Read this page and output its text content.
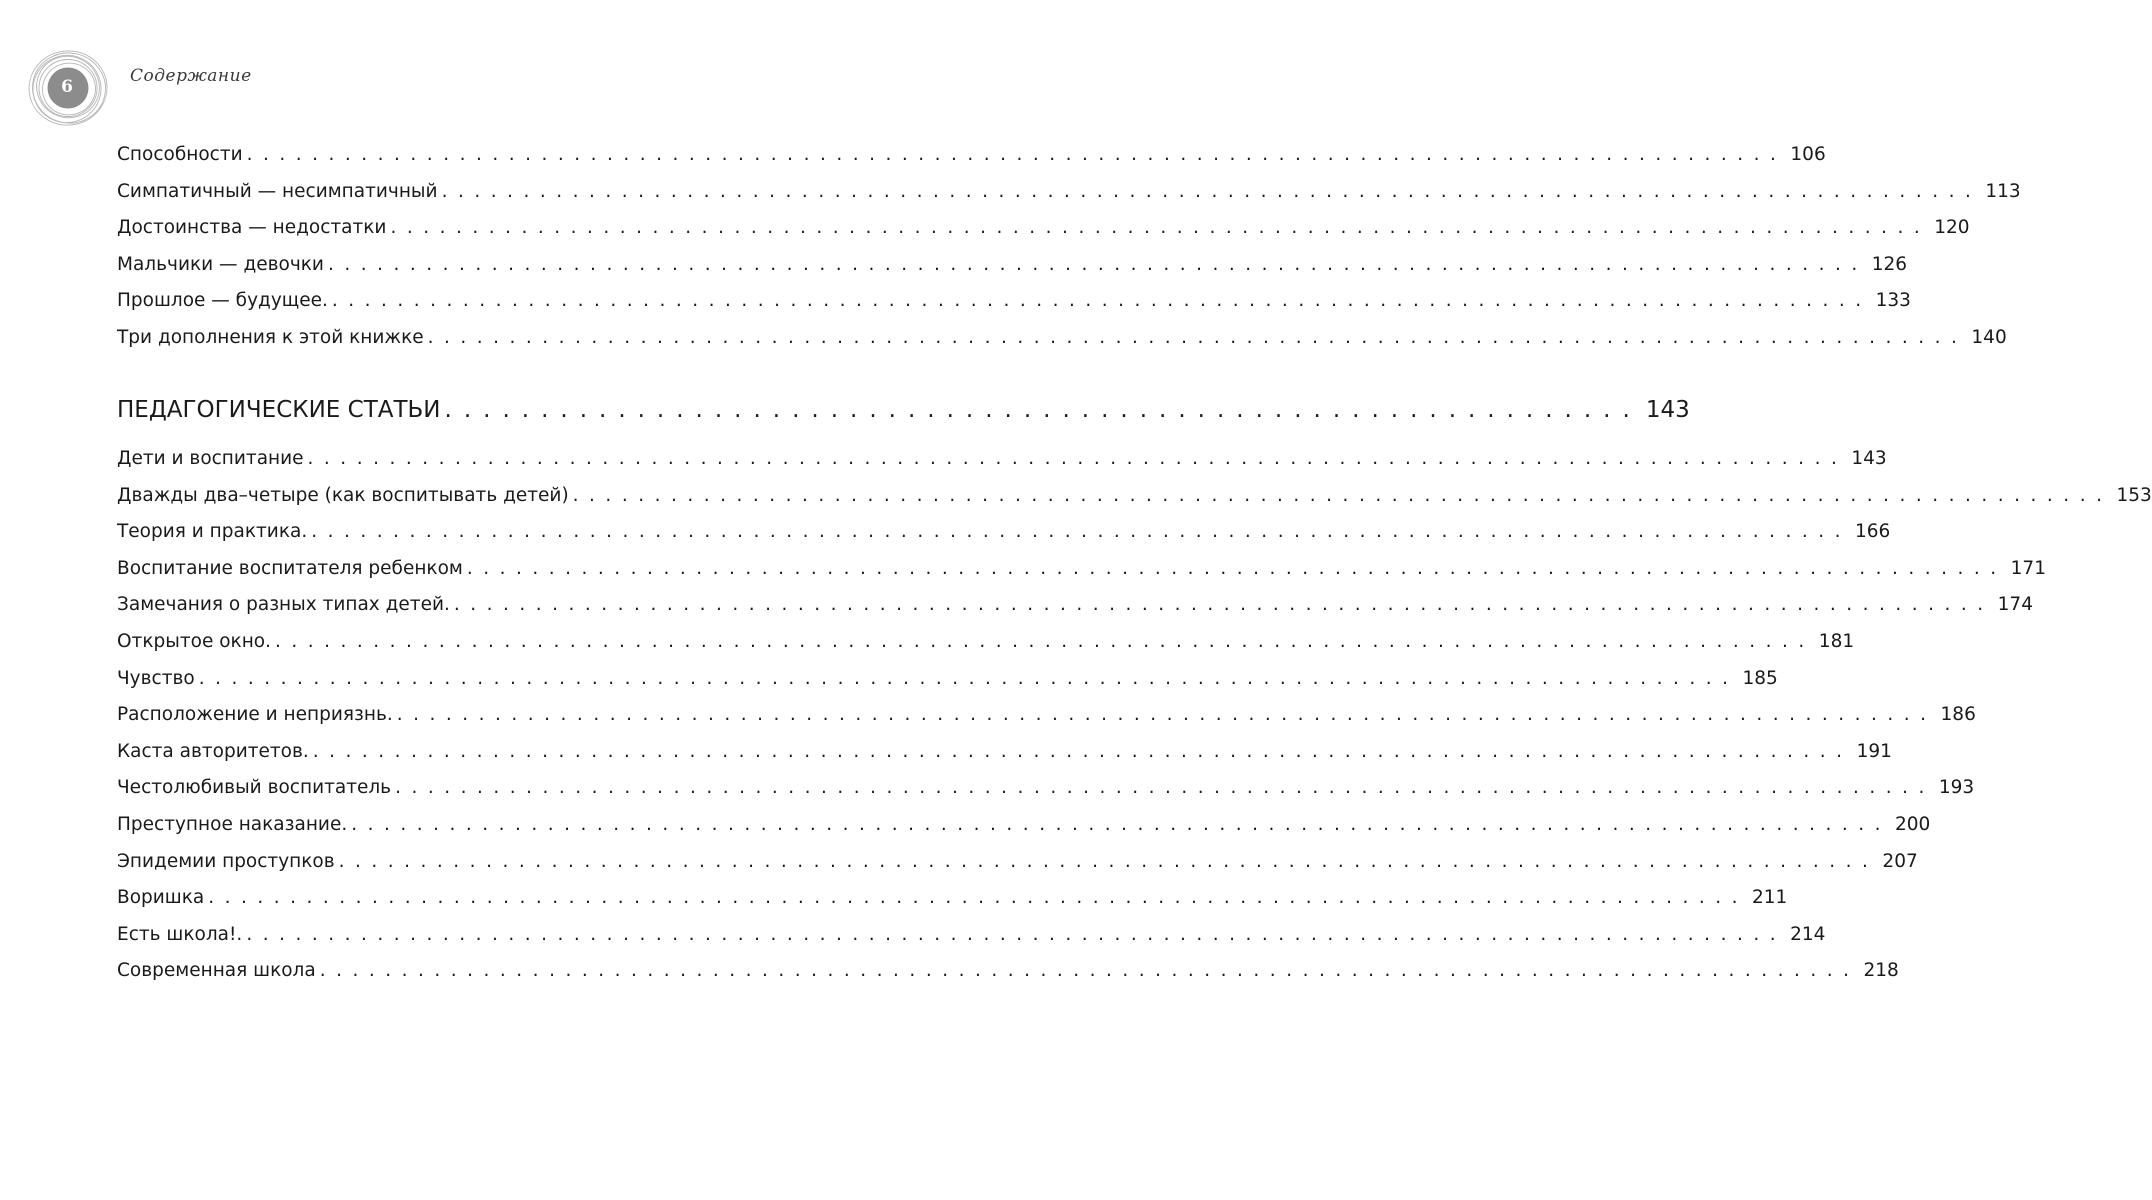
6
Содержание
Способности .............................................................................................. 106
Симпатичный — несимпатичный .............................................................................................. 113
Достоинства — недостатки .............................................................................................. 120
Мальчики — девочки .............................................................................................. 126
Прошлое — будущее. .............................................................................................. 133
Три дополнения к этой книжке .............................................................................................. 140
ПЕДАГОГИЧЕСКИЕ СТАТЬИ .............................................................. 143
Дети и воспитание .............................................................................................. 143
Дважды два–четыре (как воспитывать детей) .............................................................................................. 153
Теория и практика. .............................................................................................. 166
Воспитание воспитателя ребенком .............................................................................................. 171
Замечания о разных типах детей. .............................................................................................. 174
Открытое окно. .............................................................................................. 181
Чувство .............................................................................................. 185
Расположение и неприязнь. .............................................................................................. 186
Каста авторитетов. .............................................................................................. 191
Честолюбивый воспитатель .............................................................................................. 193
Преступное наказание. .............................................................................................. 200
Эпидемии проступков .............................................................................................. 207
Воришка .............................................................................................. 211
Есть школа!. .............................................................................................. 214
Современная школа .............................................................................................. 218
